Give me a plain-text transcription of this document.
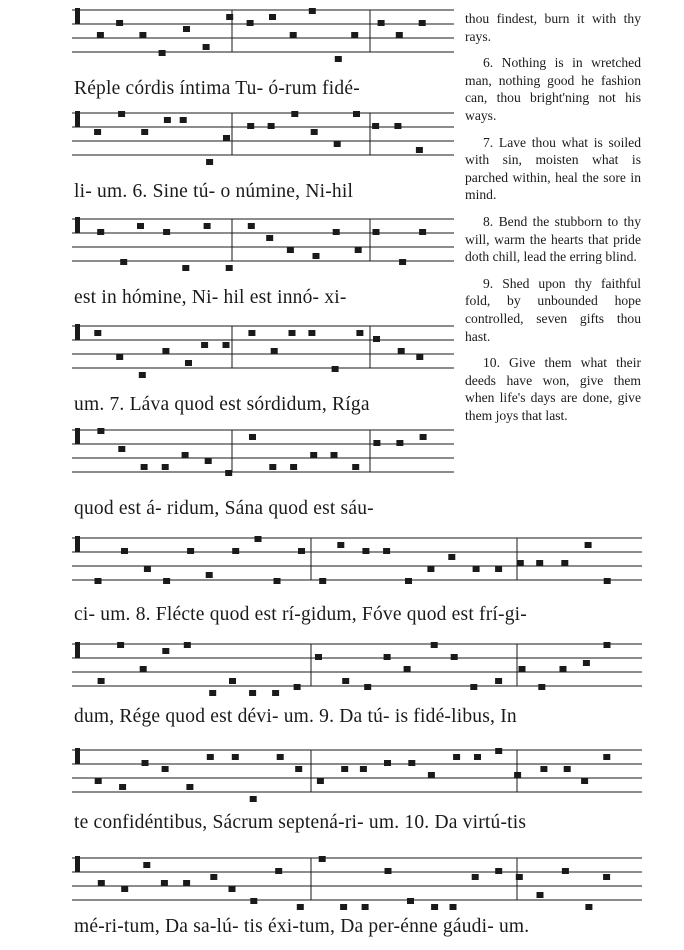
Réple córdis íntima Tu- ó-rum fidé-
li- um. 6. Sine tú- o númine, Ni-hil
est in hómine, Ni- hil est innó- xi-
um. 7. Láva quod est sórdidum, Ríga
quod est á- ridum, Sána quod est sáu-
ci- um. 8. Flécte quod est rí-gidum, Fóve quod est frí-gi-
dum, Rége quod est dévi- um. 9. Da tú- is fidé-libus, In
te confidéntibus, Sácrum septená-ri- um. 10. Da virtú-tis
mé-ri-tum, Da sa-lú- tis éxi-tum, Da per-énne gáudi- um.

thou findest, burn it with thy rays.

6. Nothing is in wretched man, nothing good he fashion can, thou bright'ning not his ways.

7. Lave thou what is soiled with sin, moisten what is parched within, heal the sore in mind.

8. Bend the stubborn to thy will, warm the hearts that pride doth chill, lead the erring blind.

9. Shed upon thy faithful fold, by unbounded hope controlled, seven gifts thou hast.

10. Give them what their deeds have won, give them when life's days are done, give them joys that last.
